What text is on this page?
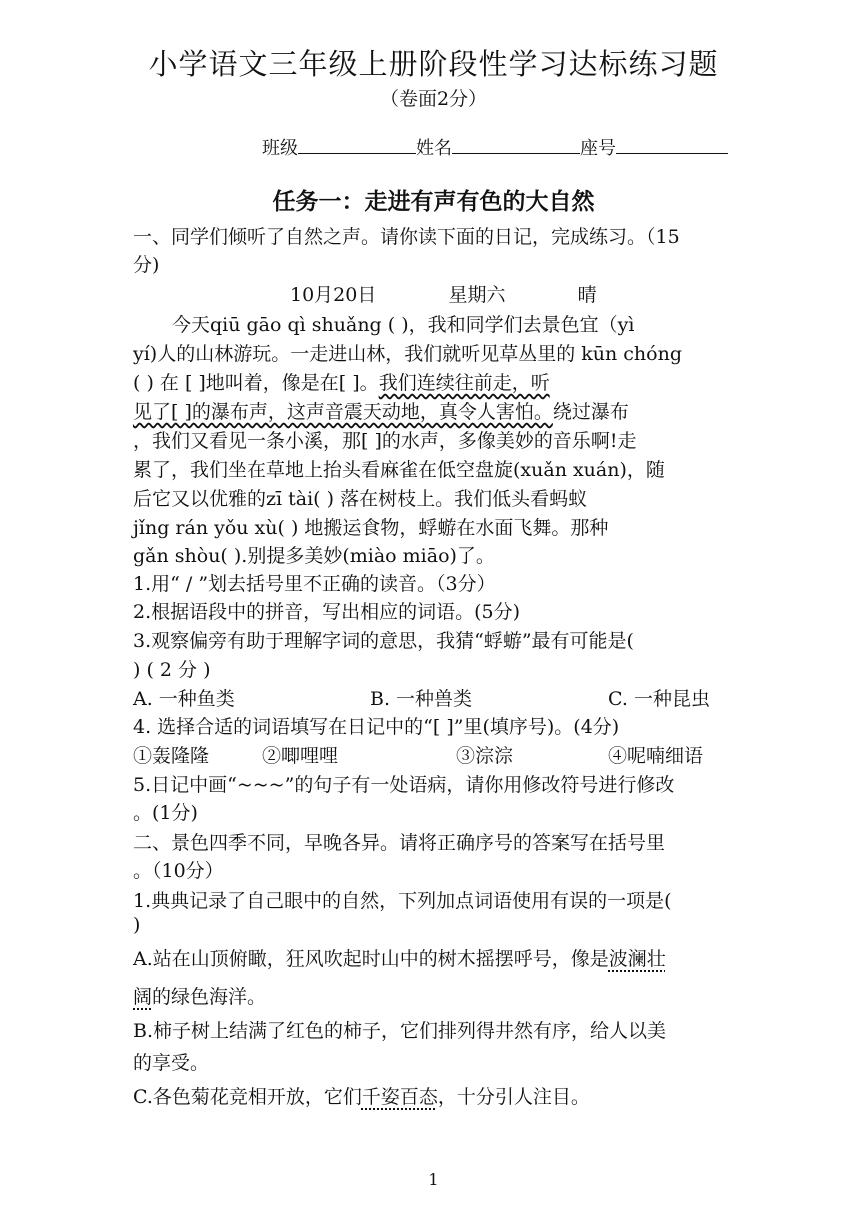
小学语文三年级上册阶段性学习达标练习题
（卷面2分）
班级	姓名	座号
任务一：走进有声有色的大自然
一、同学们倾听了自然之声。请你读下面的日记，完成练习。（15
分)
10月20日	星期六	晴
今天qiū gāo qì shuǎng ( )，我和同学们去景色宜（yì
yí)人的山林游玩。一走进山林，我们就听见草丛里的 kūn chóng
( ) 在 [ ]地叫着，像是在[ ]。我们连续往前走，听
见了[ ]的瀑布声，这声音震天动地，真令人害怕。绕过瀑布
，我们又看见一条小溪，那[ ]的水声，多像美妙的音乐啊!走
累了，我们坐在草地上抬头看麻雀在低空盘旋(xuǎn xuán)，随
后它又以优雅的zī tài( ) 落在树枝上。我们低头看蚂蚁
jǐng rán yǒu xù( ) 地搬运食物，蜉蝣在水面飞舞。那种
gǎn shòu( ).别提多美妙(miào miāo)了。
1.用“ / ”划去括号里不正确的读音。（3分）
2.根据语段中的拼音，写出相应的词语。(5分)
3.观察偏旁有助于理解字词的意思，我猜“蜉蝣”最有可能是(
) ( 2 分 )
A. 一种鱼类	B. 一种兽类	C. 一种昆虫
4. 选择合适的词语填写在日记中的“[ ]”里(填序号)。(4分)
①轰隆隆	②唧哩哩	③淙淙	④呢喃细语
5.日记中画“~~~”的句子有一处语病，请你用修改符号进行修改
。(1分)
二、景色四季不同，早晚各异。请将正确序号的答案写在括号里
。（10分）
1.典典记录了自己眼中的自然，下列加点词语使用有误的一项是(
)
A.站在山顶俯瞰，狂风吹起时山中的树木摇摆呼号，像是波澜壮
阔的绿色海洋。
B.柿子树上结满了红色的柿子，它们排列得井然有序，给人以美
的享受。
C.各色菊花竞相开放，它们千姿百态，十分引人注目。
1
